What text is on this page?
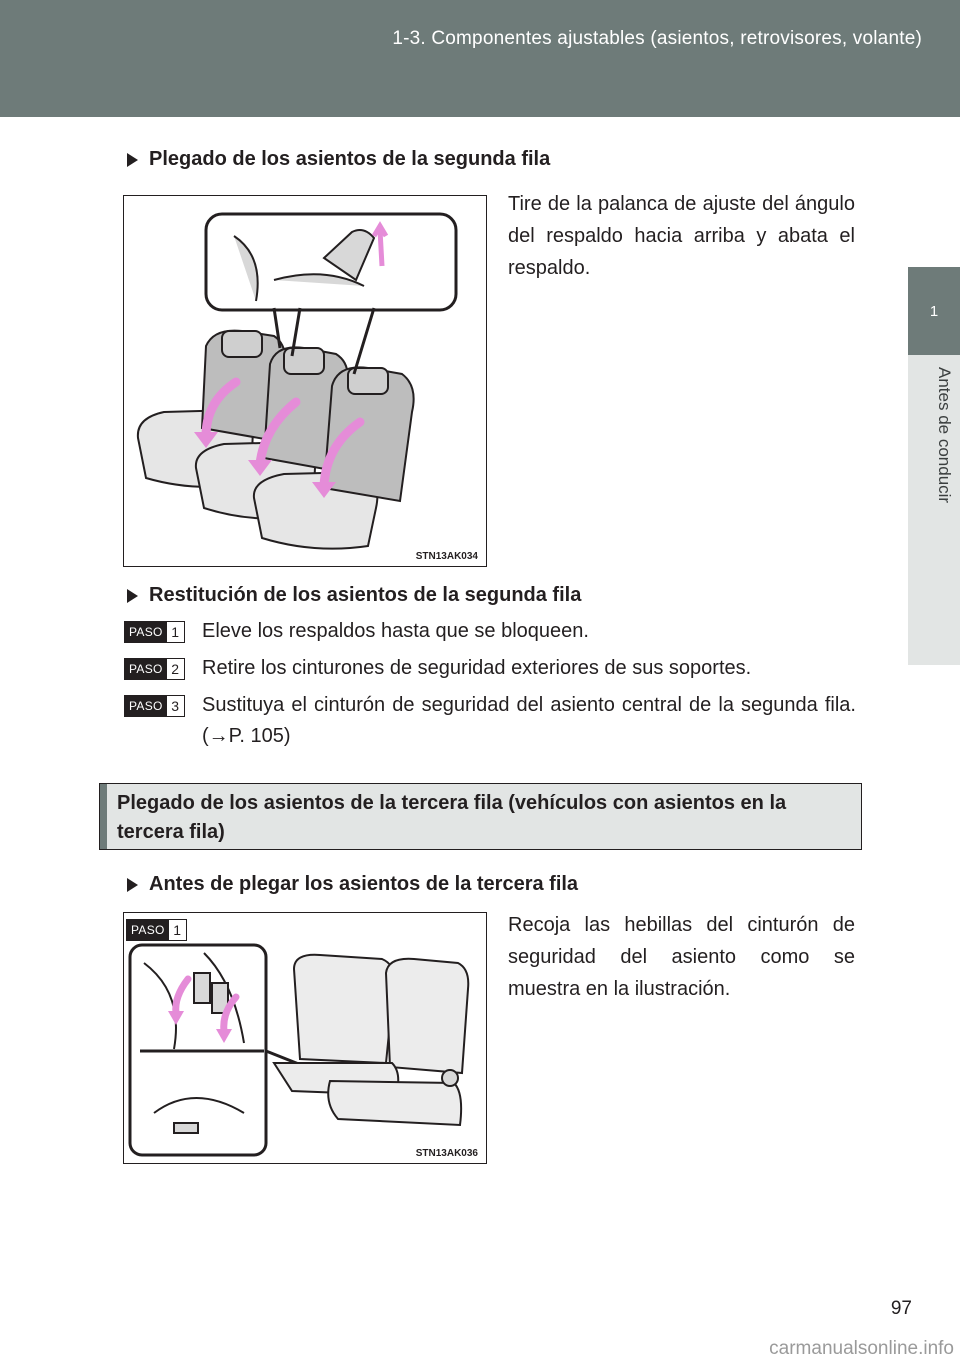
1-3. Componentes ajustables (asientos, retrovisores, volante)
1
Antes de conducir
Plegado de los asientos de la segunda fila
STN13AK034
Tire de la palanca de ajuste del ángulo del respaldo hacia arriba y abata el respaldo.
Restitución de los asientos de la segunda fila
PASO 1 Eleve los respaldos hasta que se bloqueen.
PASO 2 Retire los cinturones de seguridad exteriores de sus soportes.
PASO 3 Sustituya el cinturón de seguridad del asiento central de la segunda fila. (→P. 105)
Plegado de los asientos de la tercera fila (vehículos con asientos en la tercera fila)
Antes de plegar los asientos de la tercera fila
PASO 1
STN13AK036
Recoja las hebillas del cinturón de seguridad del asiento como se muestra en la ilustración.
97
carmanualsonline.info
